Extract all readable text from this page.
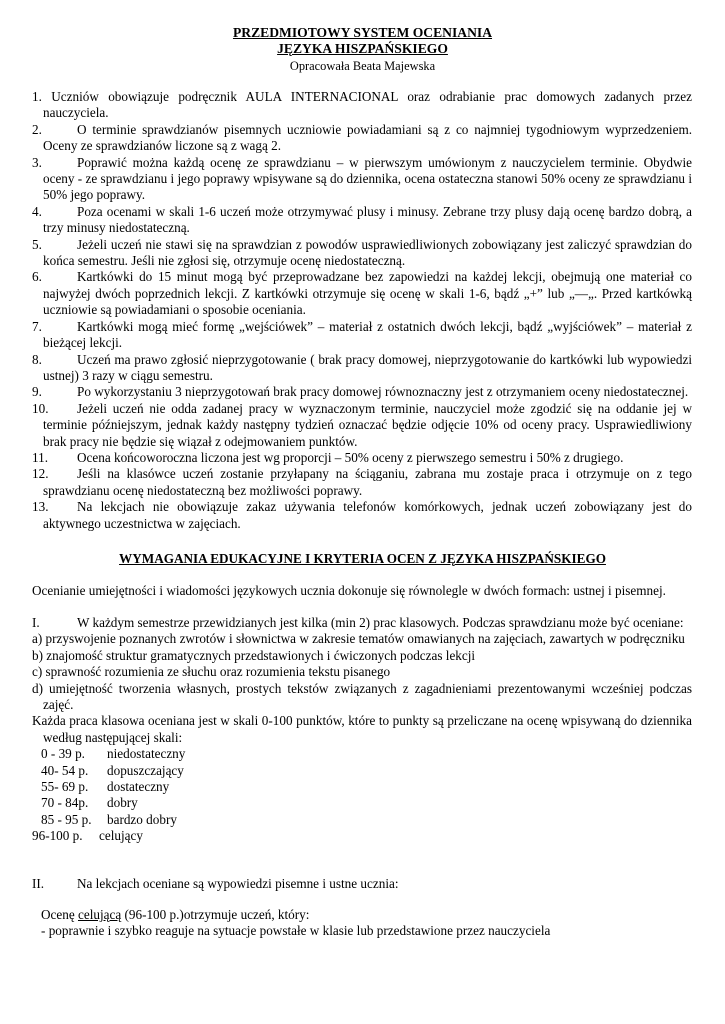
PRZEDMIOTOWY SYSTEM OCENIANIA
JĘZYKA HISZPAŃSKIEGO
Opracowała Beata Majewska
1. Uczniów obowiązuje podręcznik AULA INTERNACIONAL oraz odrabianie prac domowych zadanych przez nauczyciela.
2.	O terminie sprawdzianów pisemnych uczniowie powiadamiani są z co najmniej tygodniowym wyprzedzeniem. Oceny ze sprawdzianów liczone są z wagą 2.
3.	Poprawić można każdą ocenę ze sprawdzianu – w pierwszym umówionym z nauczycielem terminie. Obydwie oceny - ze sprawdzianu i jego poprawy wpisywane są do dziennika, ocena ostateczna stanowi 50% oceny ze sprawdzianu i 50% jego poprawy.
4.	Poza ocenami w skali 1-6 uczeń może otrzymywać plusy i minusy. Zebrane trzy plusy dają ocenę bardzo dobrą, a trzy minusy niedostateczną.
5.	Jeżeli uczeń nie stawi się na sprawdzian z powodów usprawiedliwionych zobowiązany jest zaliczyć sprawdzian do końca semestru. Jeśli nie zgłosi się, otrzymuje ocenę niedostateczną.
6.	Kartkówki do 15 minut mogą być przeprowadzane bez zapowiedzi na każdej lekcji, obejmują one materiał co najwyżej dwóch poprzednich lekcji. Z kartkówki otrzymuje się ocenę w skali 1-6, bądź „+” lub „—„. Przed kartkówką uczniowie są powiadamiani o sposobie oceniania.
7.	Kartkówki mogą mieć formę „wejściówek” – materiał z ostatnich dwóch lekcji, bądź „wyjściówek” – materiał z bieżącej lekcji.
8.	Uczeń ma prawo zgłosić nieprzygotowanie ( brak pracy domowej, nieprzygotowanie do kartkówki lub wypowiedzi ustnej) 3 razy w ciągu semestru.
9.	Po wykorzystaniu 3 nieprzygotowań brak pracy domowej równoznaczny jest z otrzymaniem oceny niedostatecznej.
10. Jeżeli uczeń nie odda zadanej pracy w wyznaczonym terminie, nauczyciel może zgodzić się na oddanie jej w terminie późniejszym, jednak każdy następny tydzień oznaczać będzie odjęcie 10% od oceny pracy. Usprawiedliwiony brak pracy nie będzie się wiązał z odejmowaniem punktów.
11. Ocena końcoworoczna liczona jest wg proporcji – 50% oceny z pierwszego semestru i 50% z drugiego.
12. Jeśli na klasówce uczeń zostanie przyłapany na ściąganiu, zabrana mu zostaje praca i otrzymuje on z tego sprawdzianu ocenę niedostateczną bez możliwości poprawy.
13. Na lekcjach nie obowiązuje zakaz używania telefonów komórkowych, jednak uczeń zobowiązany jest do aktywnego uczestnictwa w zajęciach.
WYMAGANIA EDUKACYJNE I KRYTERIA OCEN Z JĘZYKA HISZPAŃSKIEGO
Ocenianie umiejętności i wiadomości językowych ucznia dokonuje się równolegle w dwóch formach: ustnej i pisemnej.
I.	W każdym semestrze przewidzianych jest kilka (min 2) prac klasowych. Podczas sprawdzianu może być oceniane:
a) przyswojenie poznanych zwrotów i słownictwa w zakresie tematów omawianych na zajęciach, zawartych w podręczniku
b) znajomość struktur gramatycznych przedstawionych i ćwiczonych podczas lekcji
c) sprawność rozumienia ze słuchu oraz rozumienia tekstu pisanego
d) umiejętność tworzenia własnych, prostych tekstów związanych z zagadnieniami prezentowanymi wcześniej podczas zajęć.
Każda praca klasowa oceniana jest w skali 0-100 punktów, które to punkty są przeliczane na ocenę wpisywaną do dziennika według następującej skali:
0 - 39 p.	niedostateczny
40- 54 p.	dopuszczający
55- 69 p.	dostateczny
70 - 84p.	dobry
85 - 95 p.	bardzo dobry
96-100 p.	celujący
II. Na lekcjach oceniane są wypowiedzi pisemne i ustne ucznia:
Ocenę celującą (96-100 p.)otrzymuje uczeń, który:
- poprawnie i szybko reaguje na sytuacje powstałe w klasie lub przedstawione przez nauczyciela
